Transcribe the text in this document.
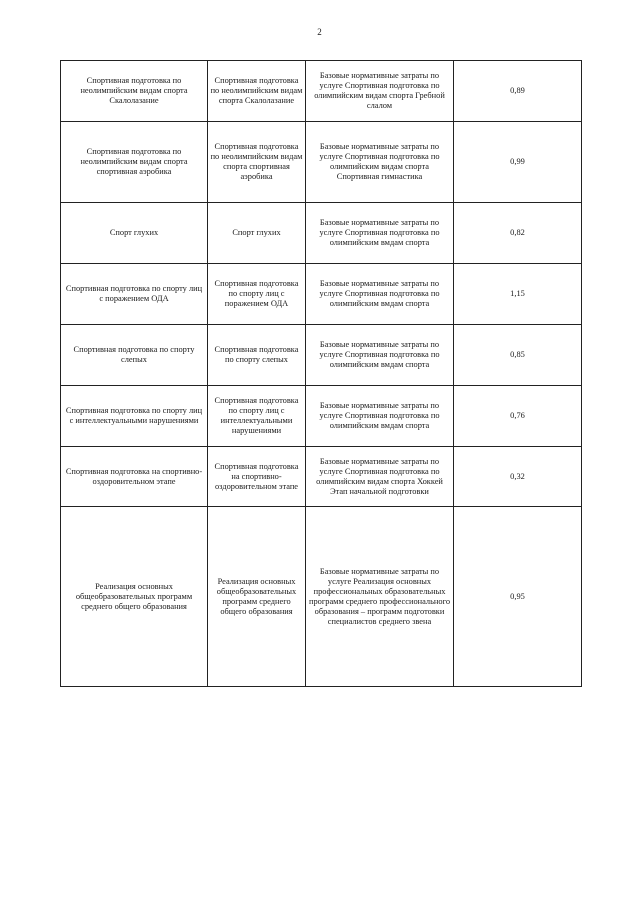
2
Спортивная подготовка по неолимпийским видам спорта Скалолазание	Спортивная подготовка по неолимпийским видам спорта Скалолазание	Базовые нормативные затраты по услуге Спортивная подготовка по олимпийским видам спорта Гребной слалом	0,89
Спортивная подготовка по неолимпийским видам спорта спортивная аэробика	Спортивная подготовка по неолимпийским видам спорта спортивная аэробика	Базовые нормативные затраты по услуге Спортивная подготовка по олимпийским видам спорта Спортивная гимнастика	0,99
Спорт глухих	Спорт глухих	Базовые нормативные затраты по услуге Спортивная подготовка по олимпийским вмдам спорта	0,82
Спортивная подготовка по спорту лиц с поражением ОДА	Спортивная подготовка по спорту лиц с поражением ОДА	Базовые нормативные затраты по услуге Спортивная подготовка по олимпийским вмдам спорта	1,15
Спортивная подготовка по спорту слепых	Спортивная подготовка по спорту слепых	Базовые нормативные затраты по услуге Спортивная подготовка по олимпийским вмдам спорта	0,85
Спортивная подготовка по спорту лиц с интеллектуальными нарушениями	Спортивная подготовка по спорту лиц с интеллектуальными нарушениями	Базовые нормативные затраты по услуге Спортивная подготовка по олимпийским вмдам спорта	0,76
Спортивная подготовка на спортивно-оздоровительном этапе	Спортивная подготовка на спортивно-оздоровительном этапе	Базовые нормативные затраты по услуге Спортивная подготовка по олимпийским видам спорта Хоккей Этап начальной подготовки	0,32
Реализация основных общеобразовательных программ среднего общего образования	Реализация основных общеобразовательных программ среднего общего образования	Базовые нормативные затраты по услуге Реализация основных профессиональных образовательных программ среднего профессионального образования – программ подготовки специалистов среднего звена	0,95
